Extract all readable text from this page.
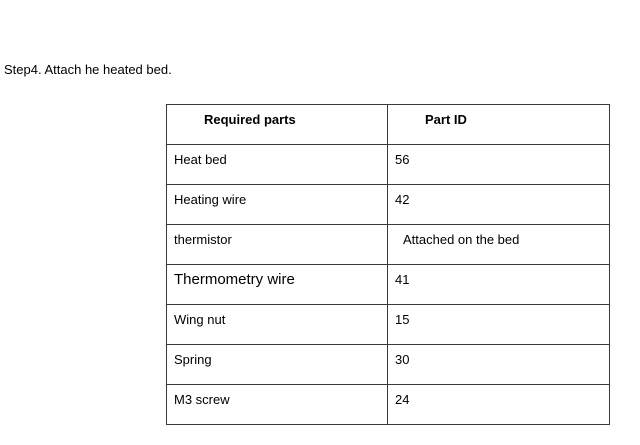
Step4. Attach he heated bed.
Required parts	Part ID

Heat bed	56

Heating wire	42

thermistor	Attached on the bed

Thermometry wire	41

Wing nut	15

Spring	30

M3 screw	24
